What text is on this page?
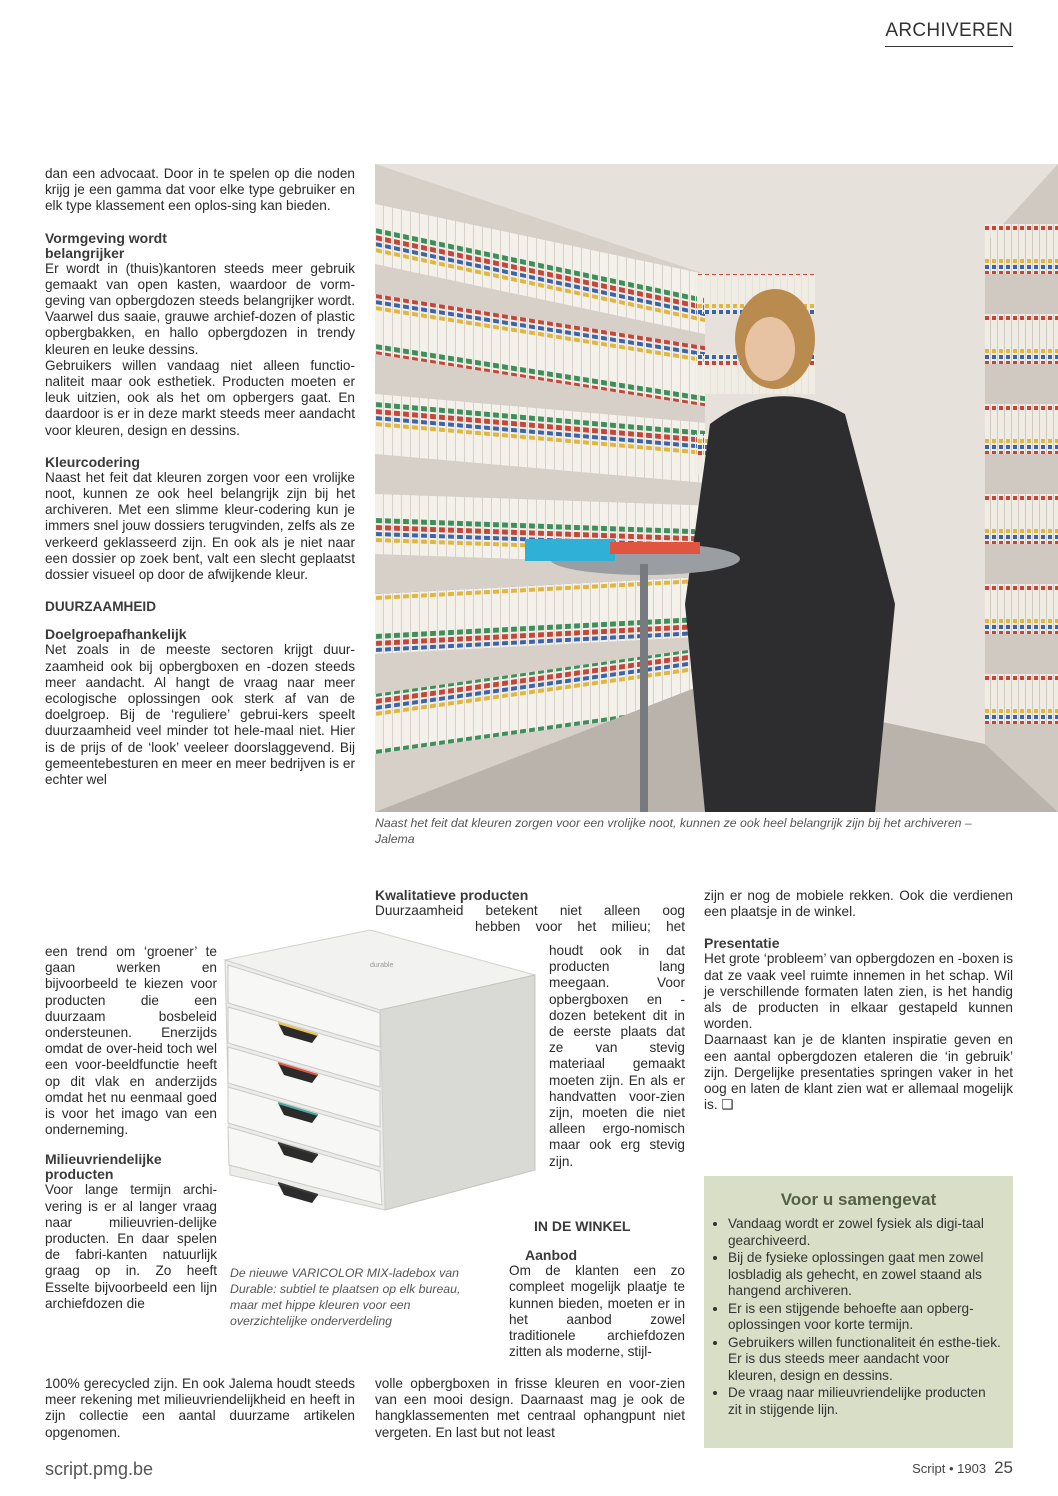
ARCHIVEREN

dan een advocaat. Door in te spelen op die noden krijg je een gamma dat voor elke type gebruiker en elk type klassement een oplos-sing kan bieden.

Vormgeving wordt belangrijker

Er wordt in (thuis)kantoren steeds meer gebruik gemaakt van open kasten, waardoor de vorm-geving van opbergdozen steeds belangrijker wordt. Vaarwel dus saaie, grauwe archief-dozen of plastic opbergbakken, en hallo opbergdozen in trendy kleuren en leuke dessins.

Gebruikers willen vandaag niet alleen functio-naliteit maar ook esthetiek. Producten moeten er leuk uitzien, ook als het om opbergers gaat. En daardoor is er in deze markt steeds meer aandacht voor kleuren, design en dessins.

Kleurcodering

Naast het feit dat kleuren zorgen voor een vrolijke noot, kunnen ze ook heel belangrijk zijn bij het archiveren. Met een slimme kleur-codering kun je immers snel jouw dossiers terugvinden, zelfs als ze verkeerd geklasseerd zijn. En ook als je niet naar een dossier op zoek bent, valt een slecht geplaatst dossier visueel op door de afwijkende kleur.

DUURZAAMHEID
Doelgroepafhankelijk

Net zoals in de meeste sectoren krijgt duur-zaamheid ook bij opbergboxen en -dozen steeds meer aandacht. Al hangt de vraag naar meer ecologische oplossingen ook sterk af van de doelgroep. Bij de ‘reguliere’ gebrui-kers speelt duurzaamheid veel minder tot hele-maal niet. Hier is de prijs of de ‘look’ veeleer doorslaggevend. Bij gemeentebesturen en meer en meer bedrijven is er echter wel

een trend om ‘groener’ te gaan werken en bijvoorbeeld te kiezen voor producten die een duurzaam bosbeleid ondersteunen. Enerzijds omdat de over-heid toch wel een voor-beeldfunctie heeft op dit vlak en anderzijds omdat het nu eenmaal goed is voor het imago van een onderneming.

Milieuvriendelijke producten

Voor lange termijn archi-vering is er al langer vraag naar milieuvrien-delijke producten. En daar spelen de fabri-kanten natuurlijk graag op in. Zo heeft Esselte bijvoorbeeld een lijn archiefdozen die

100% gerecycled zijn. En ook Jalema houdt steeds meer rekening met milieuvriendelijkheid en heeft in zijn collectie een aantal duurzame artikelen opgenomen.

Naast het feit dat kleuren zorgen voor een vrolijke noot, kunnen ze ook heel belangrijk zijn bij het archiveren – Jalema
Kwalitatieve producten

Duurzaamheid betekent niet alleen oog

hebben voor het milieu; het

houdt ook in dat producten lang meegaan. Voor opbergboxen en -dozen betekent dit in de eerste plaats dat ze van stevig materiaal gemaakt moeten zijn. En als er handvatten voor-zien zijn, moeten die niet alleen ergo-nomisch maar ook erg stevig zijn.

IN DE WINKEL
Aanbod

Om de klanten een zo compleet mogelijk plaatje te kunnen bieden, moeten er in het aanbod zowel traditionele archiefdozen zitten als moderne, stijl-

volle opbergboxen in frisse kleuren en voor-zien van een mooi design. Daarnaast mag je ook de hangklassementen met centraal ophangpunt niet vergeten. En last but not least

durable
De nieuwe VARICOLOR MIX-ladebox van Durable: subtiel te plaatsen op elk bureau, maar met hippe kleuren voor een overzichtelijke onderverdeling

zijn er nog de mobiele rekken. Ook die verdienen een plaatsje in de winkel.

Presentatie

Het grote ‘probleem’ van opbergdozen en -boxen is dat ze vaak veel ruimte innemen in het schap. Wil je verschillende formaten laten zien, is het handig als de producten in elkaar gestapeld kunnen worden.

Daarnaast kan je de klanten inspiratie geven en een aantal opbergdozen etaleren die ‘in gebruik’ zijn. Dergelijke presentaties springen vaker in het oog en laten de klant zien wat er allemaal mogelijk is. ❑

Voor u samengevat
• Vandaag wordt er zowel fysiek als digi-taal gearchiveerd.
• Bij de fysieke oplossingen gaat men zowel losbladig als gehecht, en zowel staand als hangend archiveren.
• Er is een stijgende behoefte aan opberg-oplossingen voor korte termijn.
• Gebruikers willen functionaliteit én esthe-tiek. Er is dus steeds meer aandacht voor kleuren, design en dessins.
• De vraag naar milieuvriendelijke producten zit in stijgende lijn.
script.pmg.be	Script • 1903 25
